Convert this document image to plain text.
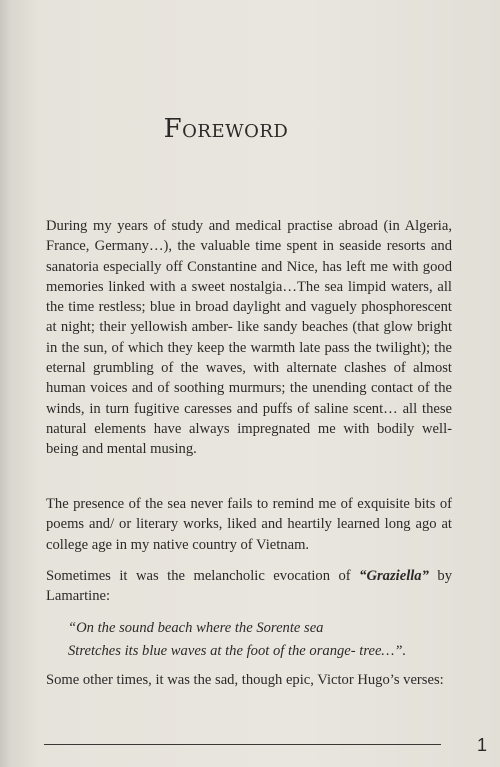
Foreword

During my years of study and medical practise abroad (in Algeria, France, Germany…), the valuable time spent in seaside resorts and sanatoria especially off Constantine and Nice, has left me with good memories linked with a sweet nostalgia…The sea limpid waters, all the time restless; blue in broad daylight and vaguely phosphorescent at night; their yellowish amber- like sandy beaches (that glow bright in the sun, of which they keep the warmth late pass the twilight); the eternal grumbling of the waves, with alternate clashes of almost human voices and of soothing murmurs; the unending contact of the winds, in turn fugitive caresses and puffs of saline scent… all these natural elements have always impregnated me with bodily well-being and mental musing.

The presence of the sea never fails to remind me of exquisite bits of poems and/ or literary works, liked and heartily learned long ago at college age in my native country of Vietnam.

Sometimes it was the melancholic evocation of “Graziella” by Lamartine:

“On the sound beach where the Sorente sea

Stretches its blue waves at the foot of the orange- tree…”.

Some other times, it was the sad, though epic, Victor Hugo’s verses:

1
